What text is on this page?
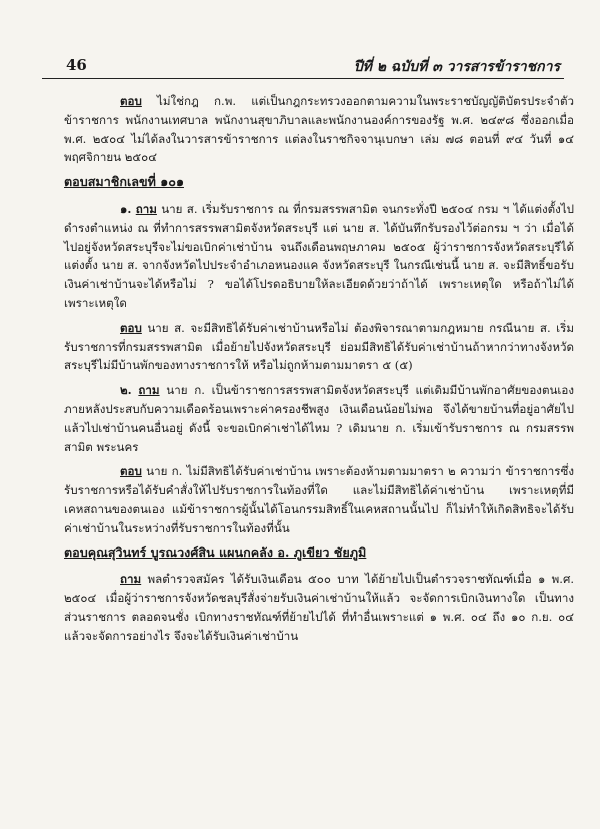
46	ปีที่ ๒ ฉบับที่ ๓ วารสารข้าราชการ

ตอบ ไม่ใช่กฎ ก.พ. แต่เป็นกฎกระทรวงออกตามความในพระราชบัญญัติบัตรประจำตัวข้าราชการ พนักงานเทศบาล พนักงานสุขาภิบาลและพนักงานองค์การของรัฐ พ.ศ. ๒๔๙๘ ซึ่งออกเมื่อ พ.ศ. ๒๕๐๔ ไม่ได้ลงในวารสารข้าราชการ แต่ลงในราชกิจจานุเบกษา เล่ม ๗๘ ตอนที่ ๙๔ วันที่ ๑๔ พฤศจิกายน ๒๕๐๔

ตอบสมาชิกเลขที่ ๑๐๑

๑. ถาม นาย ส. เริ่มรับราชการ ณ ที่กรมสรรพสามิต จนกระทั่งปี ๒๕๐๔ กรม ฯ ได้แต่งตั้งไปดำรงตำแหน่ง ณ ที่ทำการสรรพสามิตจังหวัดสระบุรี แต่ นาย ส. ได้บันทึกรับรองไว้ต่อกรม ฯ ว่า เมื่อได้ไปอยู่จังหวัดสระบุรีจะไม่ขอเบิกค่าเช่าบ้าน จนถึงเดือนพฤษภาคม ๒๕๐๕ ผู้ว่าราชการจังหวัดสระบุรีได้แต่งตั้ง นาย ส. จากจังหวัดไปประจำอำเภอหนองแค จังหวัดสระบุรี ในกรณีเช่นนี้ นาย ส. จะมีสิทธิ์ขอรับเงินค่าเช่าบ้านจะได้หรือไม่ ? ขอได้โปรดอธิบายให้ละเอียดด้วยว่าถ้าได้ เพราะเหตุใด หรือถ้าไม่ได้ เพราะเหตุใด

ตอบ นาย ส. จะมีสิทธิได้รับค่าเช่าบ้านหรือไม่ ต้องพิจารณาตามกฎหมาย กรณีนาย ส. เริ่มรับราชการที่กรมสรรพสามิต เมื่อย้ายไปจังหวัดสระบุรี ย่อมมีสิทธิได้รับค่าเช่าบ้านถ้าหากว่าทางจังหวัดสระบุรีไม่มีบ้านพักของทางราชการให้ หรือไม่ถูกห้ามตามมาตรา ๕ (๕)

๒. ถาม นาย ก. เป็นข้าราชการสรรพสามิตจังหวัดสระบุรี แต่เดิมมีบ้านพักอาศัยของตนเอง ภายหลังประสบกับความเดือดร้อนเพราะค่าครองชีพสูง เงินเดือนน้อยไม่พอ จึงได้ขายบ้านที่อยู่อาศัยไปแล้วไปเช่าบ้านคนอื่นอยู่ ดังนี้ จะขอเบิกค่าเช่าได้ไหม ? เดิมนาย ก. เริ่มเข้ารับราชการ ณ กรมสรรพสามิต พระนคร

ตอบ นาย ก. ไม่มีสิทธิได้รับค่าเช่าบ้าน เพราะต้องห้ามตามมาตรา ๒ ความว่า ข้าราชการซึ่งรับราชการหรือได้รับคำสั่งให้ไปรับราชการในท้องที่ใด และไม่มีสิทธิได้ค่าเช่าบ้าน เพราะเหตุที่มีเคหสถานของตนเอง แม้ข้าราชการผู้นั้นได้โอนกรรมสิทธิ์ในเคหสถานนั้นไป ก็ไม่ทำให้เกิดสิทธิจะได้รับค่าเช่าบ้านในระหว่างที่รับราชการในท้องที่นั้น

ตอบคุณสุวินทร์ บูรณวงศ์สิน แผนกคลัง อ. ภูเขียว ชัยภูมิ

ถาม พลตำรวจสมัคร ได้รับเงินเดือน ๕๐๐ บาท ได้ย้ายไปเป็นตำรวจราชทัณฑ์เมื่อ ๑ พ.ศ. ๒๕๐๔ เมื่อผู้ว่าราชการจังหวัดชลบุรีสั่งจ่ายรับเงินค่าเช่าบ้านให้แล้ว จะจัดการเบิกเงินทางใด เป็นทางส่วนราชการ ตลอดจนชั่ง เบิกทางราชทัณฑ์ที่ย้ายไปได้ ที่ทำอื่นเพราะแต่ ๑ พ.ศ. ๐๔ ถึง ๑๐ ก.ย. ๐๔ แล้วจะจัดการอย่างไร จึงจะได้รับเงินค่าเช่าบ้าน
